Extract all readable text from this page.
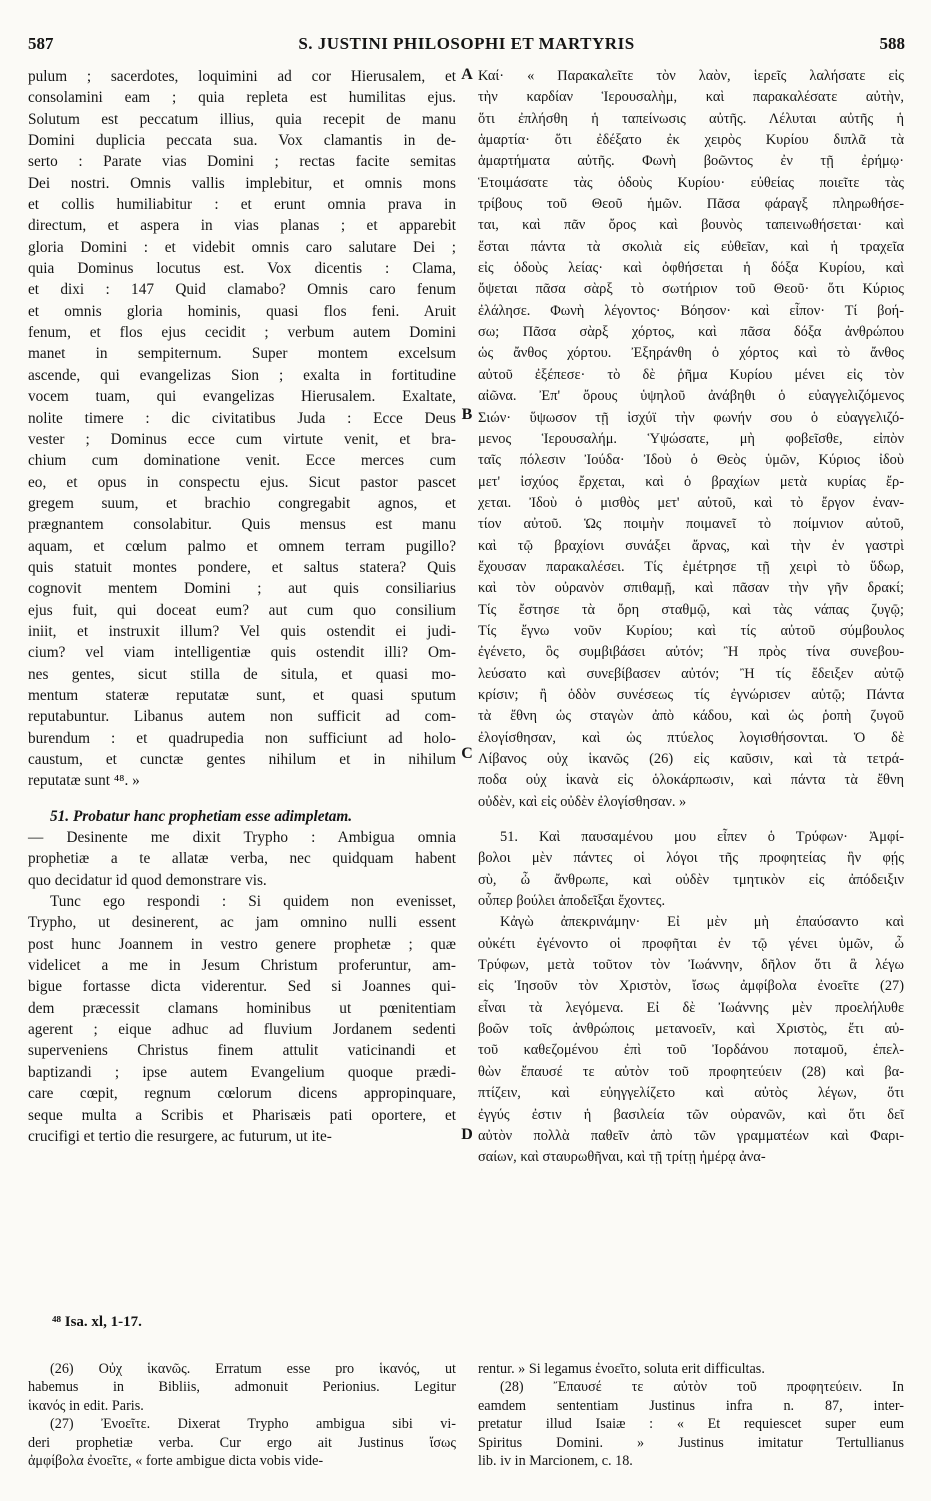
587	S. JUSTINI PHILOSOPHI ET MARTYRIS	588
A
B
C
D

pulum ; sacerdotes, loquimini ad cor Hierusalem, et

consolamini eam ; quia repleta est humilitas ejus.

Solutum est peccatum illius, quia recepit de manu

Domini duplicia peccata sua. Vox clamantis in de-

serto : Parate vias Domini ; rectas facite semitas

Dei nostri. Omnis vallis implebitur, et omnis mons

et collis humiliabitur : et erunt omnia prava in

directum, et aspera in vias planas ; et apparebit

gloria Domini : et videbit omnis caro salutare Dei ;

quia Dominus locutus est. Vox dicentis : Clama,

et dixi : 147 Quid clamabo? Omnis caro fenum

et omnis gloria hominis, quasi flos feni. Aruit

fenum, et flos ejus cecidit ; verbum autem Domini

manet in sempiternum. Super montem excelsum

ascende, qui evangelizas Sion ; exalta in fortitudine

vocem tuam, qui evangelizas Hierusalem. Exaltate,

nolite timere : dic civitatibus Juda : Ecce Deus

vester ; Dominus ecce cum virtute venit, et bra-

chium cum dominatione venit. Ecce merces cum

eo, et opus in conspectu ejus. Sicut pastor pascet

gregem suum, et brachio congregabit agnos, et

prægnantem consolabitur. Quis mensus est manu

aquam, et cœlum palmo et omnem terram pugillo?

quis statuit montes pondere, et saltus statera? Quis

cognovit mentem Domini ; aut quis consiliarius

ejus fuit, qui doceat eum? aut cum quo consilium

iniit, et instruxit illum? Vel quis ostendit ei judi-

cium? vel viam intelligentiæ quis ostendit illi? Om-

nes gentes, sicut stilla de situla, et quasi mo-

mentum stateræ reputatæ sunt, et quasi sputum

reputabuntur. Libanus autem non sufficit ad com-

burendum : et quadrupedia non sufficiunt ad holo-

caustum, et cunctæ gentes nihilum et in nihilum

reputatæ sunt ⁴⁸. »

51. Probatur hanc prophetiam esse adimpletam.

— Desinente me dixit Trypho : Ambigua omnia

prophetiæ a te allatæ verba, nec quidquam habent

quo decidatur id quod demonstrare vis.

Tunc ego respondi : Si quidem non evenisset,

Trypho, ut desinerent, ac jam omnino nulli essent

post hunc Joannem in vestro genere prophetæ ; quæ

videlicet a me in Jesum Christum proferuntur, am-

bigue fortasse dicta viderentur. Sed si Joannes qui-

dem præcessit clamans hominibus ut pœnitentiam

agerent ; eique adhuc ad fluvium Jordanem sedenti

superveniens Christus finem attulit vaticinandi et

baptizandi ; ipse autem Evangelium quoque prædi-

care cœpit, regnum cœlorum dicens appropinquare,

seque multa a Scribis et Pharisæis pati oportere, et

crucifigi et tertio die resurgere, ac futurum, ut ite-

Καί· « Παρακαλεῖτε τὸν λαὸν, ἱερεῖς λαλήσατε εἰς

τὴν καρδίαν Ἱερουσαλὴμ, καὶ παρακαλέσατε αὐτὴν,

ὅτι ἐπλήσθη ἡ ταπείνωσις αὐτῆς. Λέλυται αὐτῆς ἡ

ἁμαρτία· ὅτι ἐδέξατο ἐκ χειρὸς Κυρίου διπλᾶ τὰ

ἁμαρτήματα αὐτῆς. Φωνὴ βοῶντος ἐν τῇ ἐρήμῳ·

Ἑτοιμάσατε τὰς ὁδοὺς Κυρίου· εὐθείας ποιεῖτε τὰς

τρίβους τοῦ Θεοῦ ἡμῶν. Πᾶσα φάραγξ πληρωθήσε-

ται, καὶ πᾶν ὄρος καὶ βουνὸς ταπεινωθήσεται· καὶ

ἔσται πάντα τὰ σκολιὰ εἰς εὐθεῖαν, καὶ ἡ τραχεῖα

εἰς ὁδοὺς λείας· καὶ ὀφθήσεται ἡ δόξα Κυρίου, καὶ

ὄψεται πᾶσα σὰρξ τὸ σωτήριον τοῦ Θεοῦ· ὅτι Κύριος

ἐλάλησε. Φωνὴ λέγοντος· Βόησον· καὶ εἶπον· Τί βοή-

σω; Πᾶσα σὰρξ χόρτος, καὶ πᾶσα δόξα ἀνθρώπου

ὡς ἄνθος χόρτου. Ἐξηράνθη ὁ χόρτος καὶ τὸ ἄνθος

αὐτοῦ ἐξέπεσε· τὸ δὲ ῥῆμα Κυρίου μένει εἰς τὸν

αἰῶνα. Ἐπ' ὄρους ὑψηλοῦ ἀνάβηθι ὁ εὐαγγελιζόμενος

Σιών· ὕψωσον τῇ ἰσχύϊ τὴν φωνήν σου ὁ εὐαγγελιζό-

μενος Ἱερουσαλήμ. Ὑψώσατε, μὴ φοβεῖσθε, εἰπὸν

ταῖς πόλεσιν Ἰούδα· Ἰδοὺ ὁ Θεὸς ὑμῶν, Κύριος ἰδοὺ

μετ' ἰσχύος ἔρχεται, καὶ ὁ βραχίων μετὰ κυρίας ἔρ-

χεται. Ἰδοὺ ὁ μισθὸς μετ' αὐτοῦ, καὶ τὸ ἔργον ἐναν-

τίον αὐτοῦ. Ὡς ποιμὴν ποιμανεῖ τὸ ποίμνιον αὐτοῦ,

καὶ τῷ βραχίονι συνάξει ἄρνας, καὶ τὴν ἐν γαστρὶ

ἔχουσαν παρακαλέσει. Τίς ἐμέτρησε τῇ χειρὶ τὸ ὕδωρ,

καὶ τὸν οὐρανὸν σπιθαμῇ, καὶ πᾶσαν τὴν γῆν δρακί;

Τίς ἔστησε τὰ ὄρη σταθμῷ, καὶ τὰς νάπας ζυγῷ;

Τίς ἔγνω νοῦν Κυρίου; καὶ τίς αὐτοῦ σύμβουλος

ἐγένετο, ὃς συμβιβάσει αὐτόν; Ἢ πρὸς τίνα συνεβου-

λεύσατο καὶ συνεβίβασεν αὐτόν; Ἢ τίς ἔδειξεν αὐτῷ

κρίσιν; ἢ ὁδὸν συνέσεως τίς ἐγνώρισεν αὐτῷ; Πάντα

τὰ ἔθνη ὡς σταγὼν ἀπὸ κάδου, καὶ ὡς ῥοπὴ ζυγοῦ

ἐλογίσθησαν, καὶ ὡς πτύελος λογισθήσονται. Ὁ δὲ

Λίβανος οὐχ ἱκανῶς (26) εἰς καῦσιν, καὶ τὰ τετρά-

ποδα οὐχ ἱκανὰ εἰς ὁλοκάρπωσιν, καὶ πάντα τὰ ἔθνη

οὐδὲν, καὶ εἰς οὐδὲν ἐλογίσθησαν. »

51. Καὶ παυσαμένου μου εἶπεν ὁ Τρύφων· Ἀμφί-

βολοι μὲν πάντες οἱ λόγοι τῆς προφητείας ἣν φῄς

σὺ, ὦ ἄνθρωπε, καὶ οὐδὲν τμητικὸν εἰς ἀπόδειξιν

οὗπερ βούλει ἀποδεῖξαι ἔχοντες.

Κἀγὼ ἀπεκρινάμην· Εἰ μὲν μὴ ἐπαύσαντο καὶ

οὐκέτι ἐγένοντο οἱ προφῆται ἐν τῷ γένει ὑμῶν, ὦ

Τρύφων, μετὰ τοῦτον τὸν Ἰωάννην, δῆλον ὅτι ἃ λέγω

εἰς Ἰησοῦν τὸν Χριστὸν, ἴσως ἀμφίβολα ἐνοεῖτε (27)

εἶναι τὰ λεγόμενα. Εἰ δὲ Ἰωάννης μὲν προελήλυθε

βοῶν τοῖς ἀνθρώποις μετανοεῖν, καὶ Χριστὸς, ἔτι αὐ-

τοῦ καθεζομένου ἐπὶ τοῦ Ἰορδάνου ποταμοῦ, ἐπελ-

θὼν ἔπαυσέ τε αὐτὸν τοῦ προφητεύειν (28) καὶ βα-

πτίζειν, καὶ εὐηγγελίζετο καὶ αὐτὸς λέγων, ὅτι

ἐγγύς ἐστιν ἡ βασιλεία τῶν οὐρανῶν, καὶ ὅτι δεῖ

αὐτὸν πολλὰ παθεῖν ἀπὸ τῶν γραμματέων καὶ Φαρι-

σαίων, καὶ σταυρωθῆναι, καὶ τῇ τρίτῃ ἡμέρᾳ ἀνα-

⁴⁸ Isa. xl, 1-17.

(26) Οὐχ ἱκανῶς. Erratum esse pro ἱκανός, ut

habemus in Bibliis, admonuit Perionius. Legitur

ἱκανός in edit. Paris.

(27) Ἐνοεῖτε. Dixerat Trypho ambigua sibi vi-

deri prophetiæ verba. Cur ergo ait Justinus ἴσως

ἀμφίβολα ἐνοεῖτε, « forte ambigue dicta vobis vide-

rentur. » Si legamus ἐνοεῖτο, soluta erit difficultas.

(28) Ἔπαυσέ τε αὐτὸν τοῦ προφητεύειν. In

eamdem sententiam Justinus infra n. 87, inter-

pretatur illud Isaiæ : « Et requiescet super eum

Spiritus Domini. » Justinus imitatur Tertullianus

lib. iv in Marcionem, c. 18.
